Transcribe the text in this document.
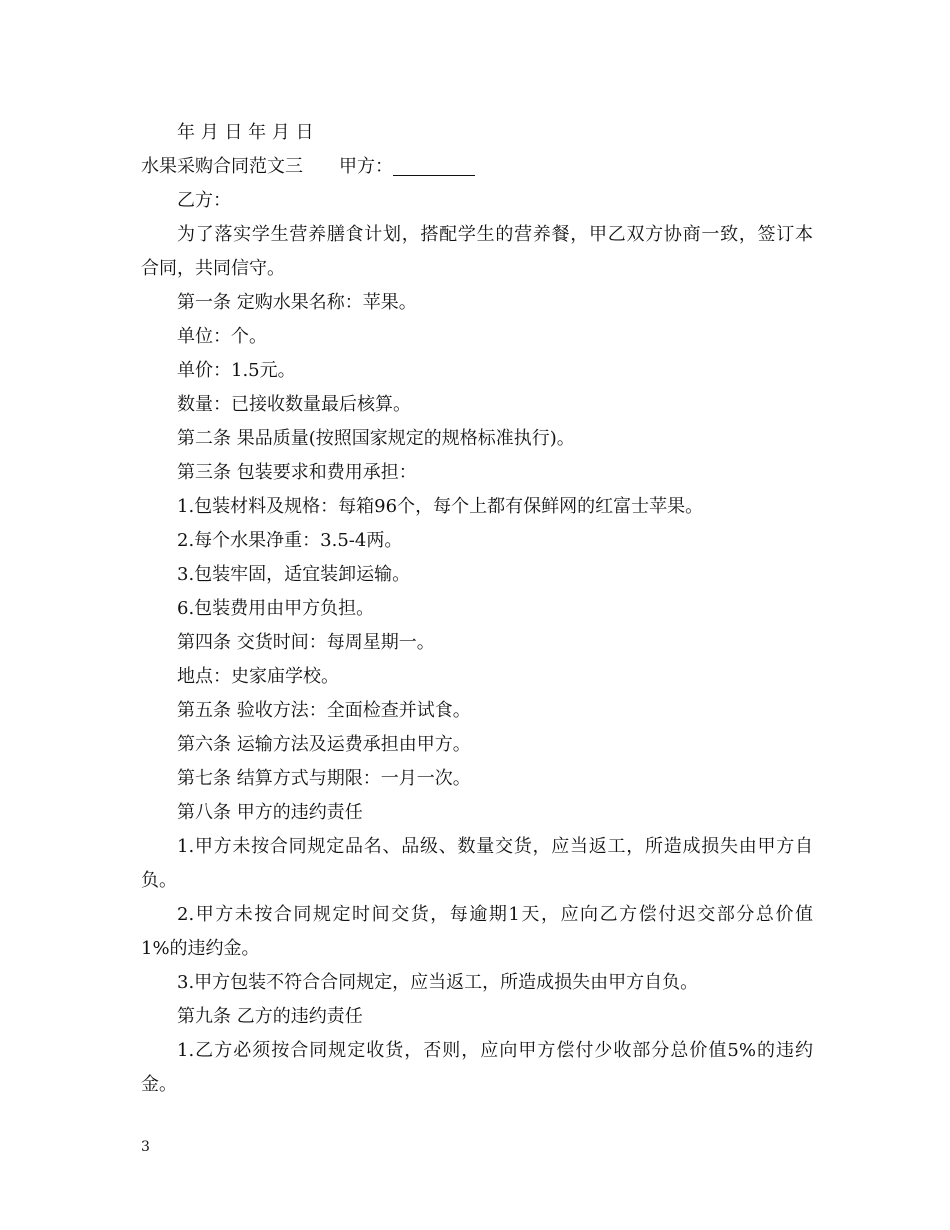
年 月 日 年 月 日

水果采购合同范文三 甲方：

乙方：

为了落实学生营养膳食计划，搭配学生的营养餐，甲乙双方协商一致，签订本

合同，共同信守。

第一条 定购水果名称：苹果。

单位：个。

单价：1.5元。

数量：已接收数量最后核算。

第二条 果品质量(按照国家规定的规格标准执行)。

第三条 包装要求和费用承担：

1.包装材料及规格：每箱96个，每个上都有保鲜网的红富士苹果。

2.每个水果净重：3.5-4两。

3.包装牢固，适宜装卸运输。

6.包装费用由甲方负担。

第四条 交货时间：每周星期一。

地点：史家庙学校。

第五条 验收方法：全面检查并试食。

第六条 运输方法及运费承担由甲方。

第七条 结算方式与期限：一月一次。

第八条 甲方的违约责任

1.甲方未按合同规定品名、品级、数量交货，应当返工，所造成损失由甲方自

负。

2.甲方未按合同规定时间交货，每逾期1天，应向乙方偿付迟交部分总价值

1%的违约金。

3.甲方包装不符合合同规定，应当返工，所造成损失由甲方自负。

第九条 乙方的违约责任

1.乙方必须按合同规定收货，否则，应向甲方偿付少收部分总价值5%的违约

金。

3
